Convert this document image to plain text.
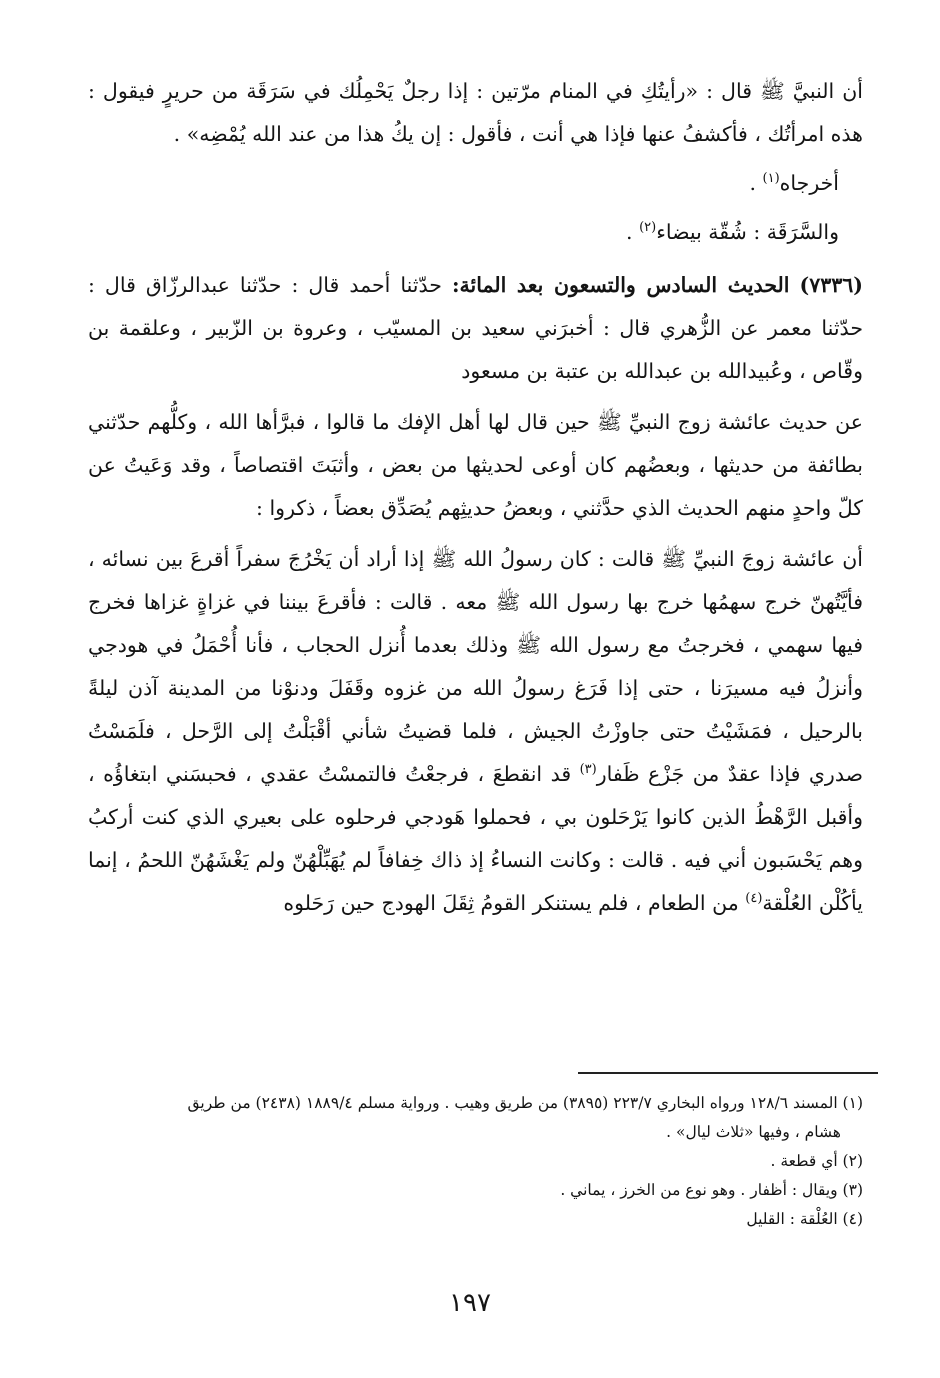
أن النبيَّ ﷺ قال : «رأيتُكِ في المنام مرّتين : إذا رجلٌ يَحْمِلُك في سَرَقَة من حريرٍ فيقول : هذه امرأتُك ، فأكشفُ عنها فإذا هي أنت ، فأقول : إن يكُ هذا من عند الله يُمْضِه» .

أخرجاه$^{(١)}$ .

والسَّرَقَة : شُقّة بيضاء$^{(٢)}$ .

(٧٣٣٦) الحديث السادس والتسعون بعد المائة: حدّثنا أحمد قال : حدّثنا عبدالرزّاق قال : حدّثنا معمر عن الزُّهري قال : أخبرَني سعيد بن المسيّب ، وعروة بن الزّبير ، وعلقمة بن وقّاص ، وعُبيدالله بن عبدالله بن عتبة بن مسعود

عن حديث عائشة زوج النبيِّ ﷺ حين قال لها أهل الإفك ما قالوا ، فبرَّأها الله ، وكلُّهم حدّثني بطائفة من حديثها ، وبعضُهم كان أوعى لحديثها من بعض ، وأثبَتَ اقتصاصاً ، وقد وَعَيتُ عن كلّ واحدٍ منهم الحديث الذي حدَّثني ، وبعضُ حديثِهم يُصَدِّق بعضاً ، ذكروا :

أن عائشة زوجَ النبيِّ ﷺ قالت : كان رسولُ الله ﷺ إذا أراد أن يَخْرُجَ سفراً أقرعَ بين نسائه ، فأيَّتُهنّ خرج سهمُها خرج بها رسول الله ﷺ معه . قالت : فأقرعَ بيننا في غزاةٍ غزاها فخرج فيها سهمي ، فخرجتُ مع رسول الله ﷺ وذلك بعدما أُنزل الحجاب ، فأنا أُحْمَلُ في هودجي وأنزلُ فيه مسيرَنا ، حتى إذا فَرَغ رسولُ الله من غزوه وقَفَلَ ودنوْنا من المدينة آذن ليلةً بالرحيل ، فمَشَيْتُ حتى جاوزْتُ الجيش ، فلما قضيتُ شأني أقْبَلْتُ إلى الرَّحل ، فلَمَسْتُ صدري فإذا عقدٌ من جَزْع ظَفار$^{(٣)}$ قد انقطعَ ، فرجعْتُ فالتمسْتُ عقدي ، فحبسَني ابتغاؤُه ، وأقبل الرَّهْطُ الذين كانوا يَرْحَلون بي ، فحملوا هَودجي فرحلوه على بعيري الذي كنت أركبُ وهم يَحْسَبون أني فيه . قالت : وكانت النساءُ إذ ذاك خِفافاً لم يُهَبِّلْهُنّ ولم يَغْشَهُنّ اللحمُ ، إنما يأكُلْن العُلْقة$^{(٤)}$ من الطعام ، فلم يستنكر القومُ ثِقَلَ الهودج حين رَحَلوه

(١) المسند ١٢٨/٦ ورواه البخاري ٢٢٣/٧ (٣٨٩٥) من طريق وهيب . ورواية مسلم ١٨٨٩/٤ (٢٤٣٨) من طريق

هشام ، وفيها «ثلاث ليال» .

(٢) أي قطعة .

(٣) ويقال : أظفار . وهو نوع من الخرز ، يماني .

(٤) العُلْقة : القليل

١٩٧
